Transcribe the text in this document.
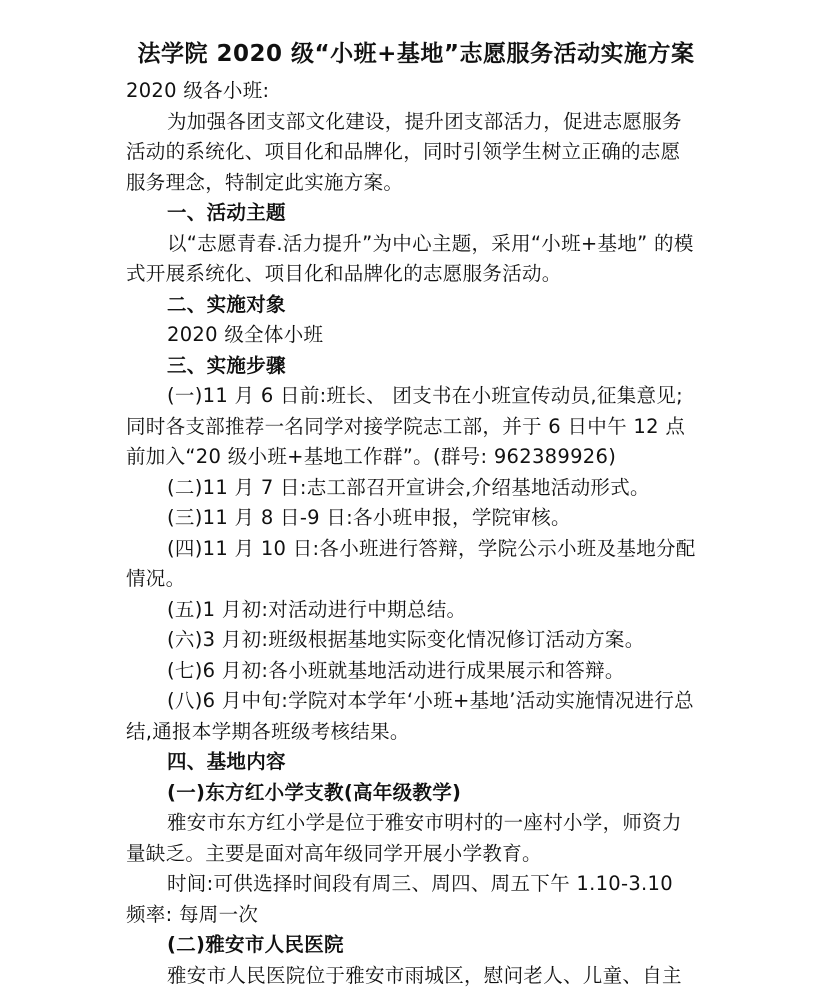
法学院 2020 级“小班+基地”志愿服务活动实施方案
2020 级各小班:
为加强各团支部文化建设，提升团支部活力，促进志愿服务
活动的系统化、项目化和品牌化，同时引领学生树立正确的志愿
服务理念，特制定此实施方案。
一、活动主题
以“志愿青春.活力提升”为中心主题，采用“小班+基地” 的模
式开展系统化、项目化和品牌化的志愿服务活动。
二、实施对象
2020 级全体小班
三、实施步骤
(一)11 月 6 日前:班长、 团支书在小班宣传动员,征集意见;
同时各支部推荐一名同学对接学院志工部，并于 6 日中午 12 点
前加入“20 级小班+基地工作群”。(群号: 962389926)
(二)11 月 7 日:志工部召开宣讲会,介绍基地活动形式。
(三)11 月 8 日-9 日:各小班申报，学院审核。
(四)11 月 10 日:各小班进行答辩，学院公示小班及基地分配
情况。
(五)1 月初:对活动进行中期总结。
(六)3 月初:班级根据基地实际变化情况修订活动方案。
(七)6 月初:各小班就基地活动进行成果展示和答辩。
(八)6 月中旬:学院对本学年‘小班+基地’活动实施情况进行总
结,通报本学期各班级考核结果。
四、基地内容
(一)东方红小学支教(高年级教学)
雅安市东方红小学是位于雅安市明村的一座村小学，师资力
量缺乏。主要是面对高年级同学开展小学教育。
时间:可供选择时间段有周三、周四、周五下午 1.10-3.10
频率: 每周一次
(二)雅安市人民医院
雅安市人民医院位于雅安市雨城区，慰问老人、儿童、自主
